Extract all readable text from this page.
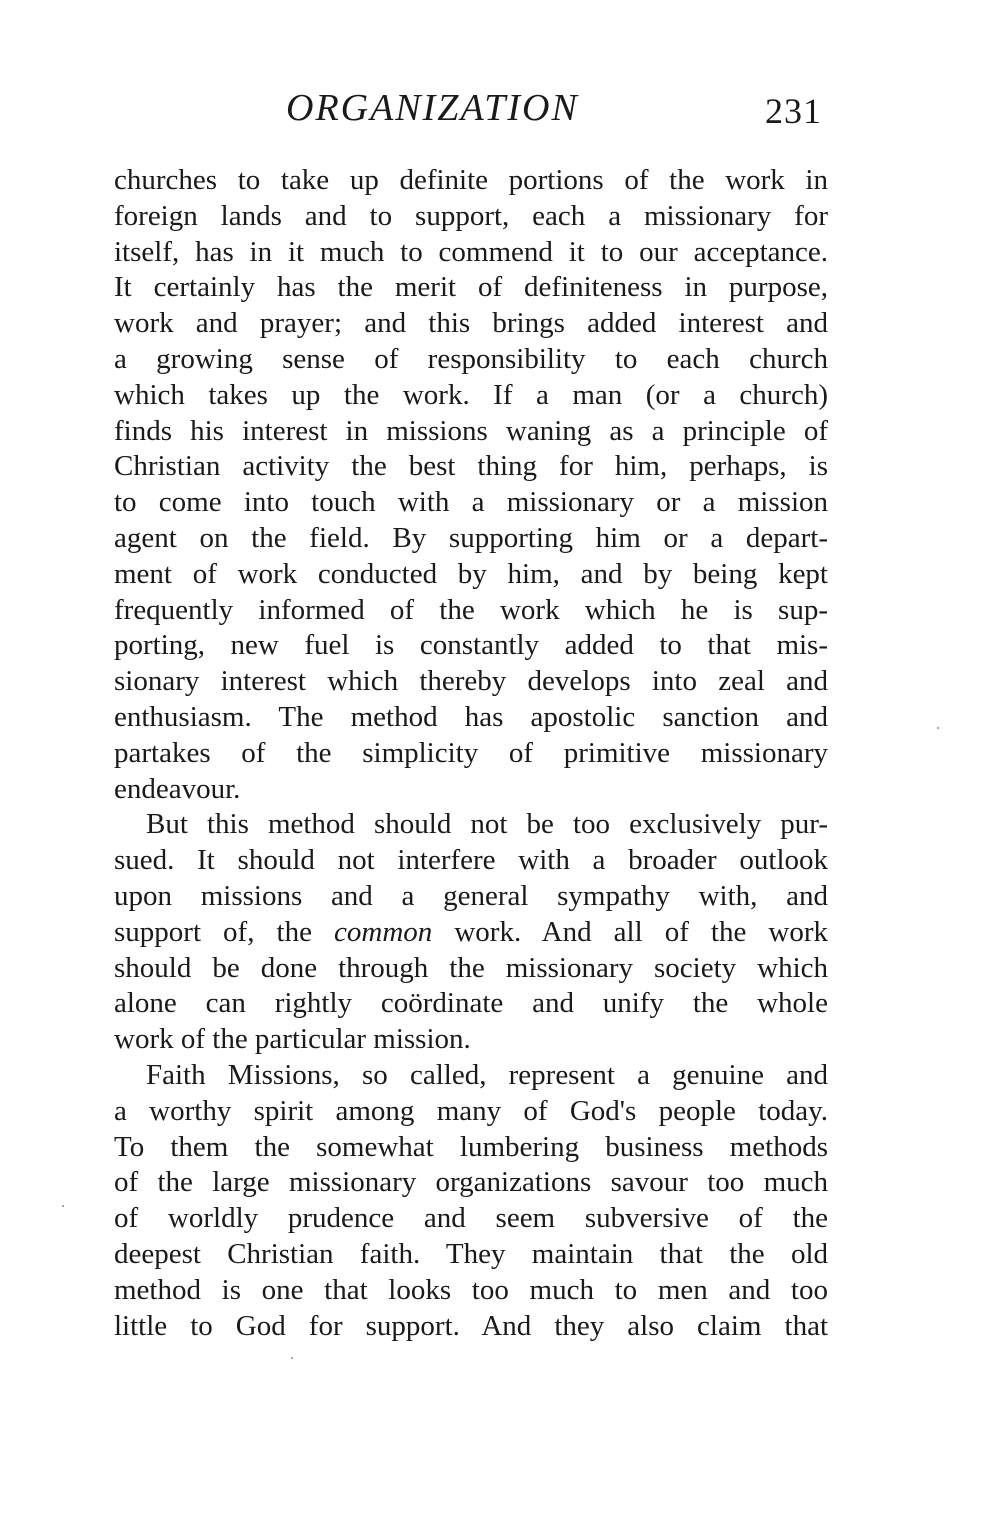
ORGANIZATION	231
churches to take up definite portions of the work in
foreign lands and to support, each a missionary for
itself, has in it much to commend it to our acceptance.
It certainly has the merit of definiteness in purpose,
work and prayer; and this brings added interest and
a growing sense of responsibility to each church
which takes up the work. If a man (or a church)
finds his interest in missions waning as a principle of
Christian activity the best thing for him, perhaps, is
to come into touch with a missionary or a mission
agent on the field. By supporting him or a depart-
ment of work conducted by him, and by being kept
frequently informed of the work which he is sup-
porting, new fuel is constantly added to that mis-
sionary interest which thereby develops into zeal and
enthusiasm. The method has apostolic sanction and
partakes of the simplicity of primitive missionary
endeavour.
But this method should not be too exclusively pur-
sued. It should not interfere with a broader outlook
upon missions and a general sympathy with, and
support of, the common work. And all of the work
should be done through the missionary society which
alone can rightly coördinate and unify the whole
work of the particular mission.
Faith Missions, so called, represent a genuine and
a worthy spirit among many of God's people today.
To them the somewhat lumbering business methods
of the large missionary organizations savour too much
of worldly prudence and seem subversive of the
deepest Christian faith. They maintain that the old
method is one that looks too much to men and too
little to God for support. And they also claim that
